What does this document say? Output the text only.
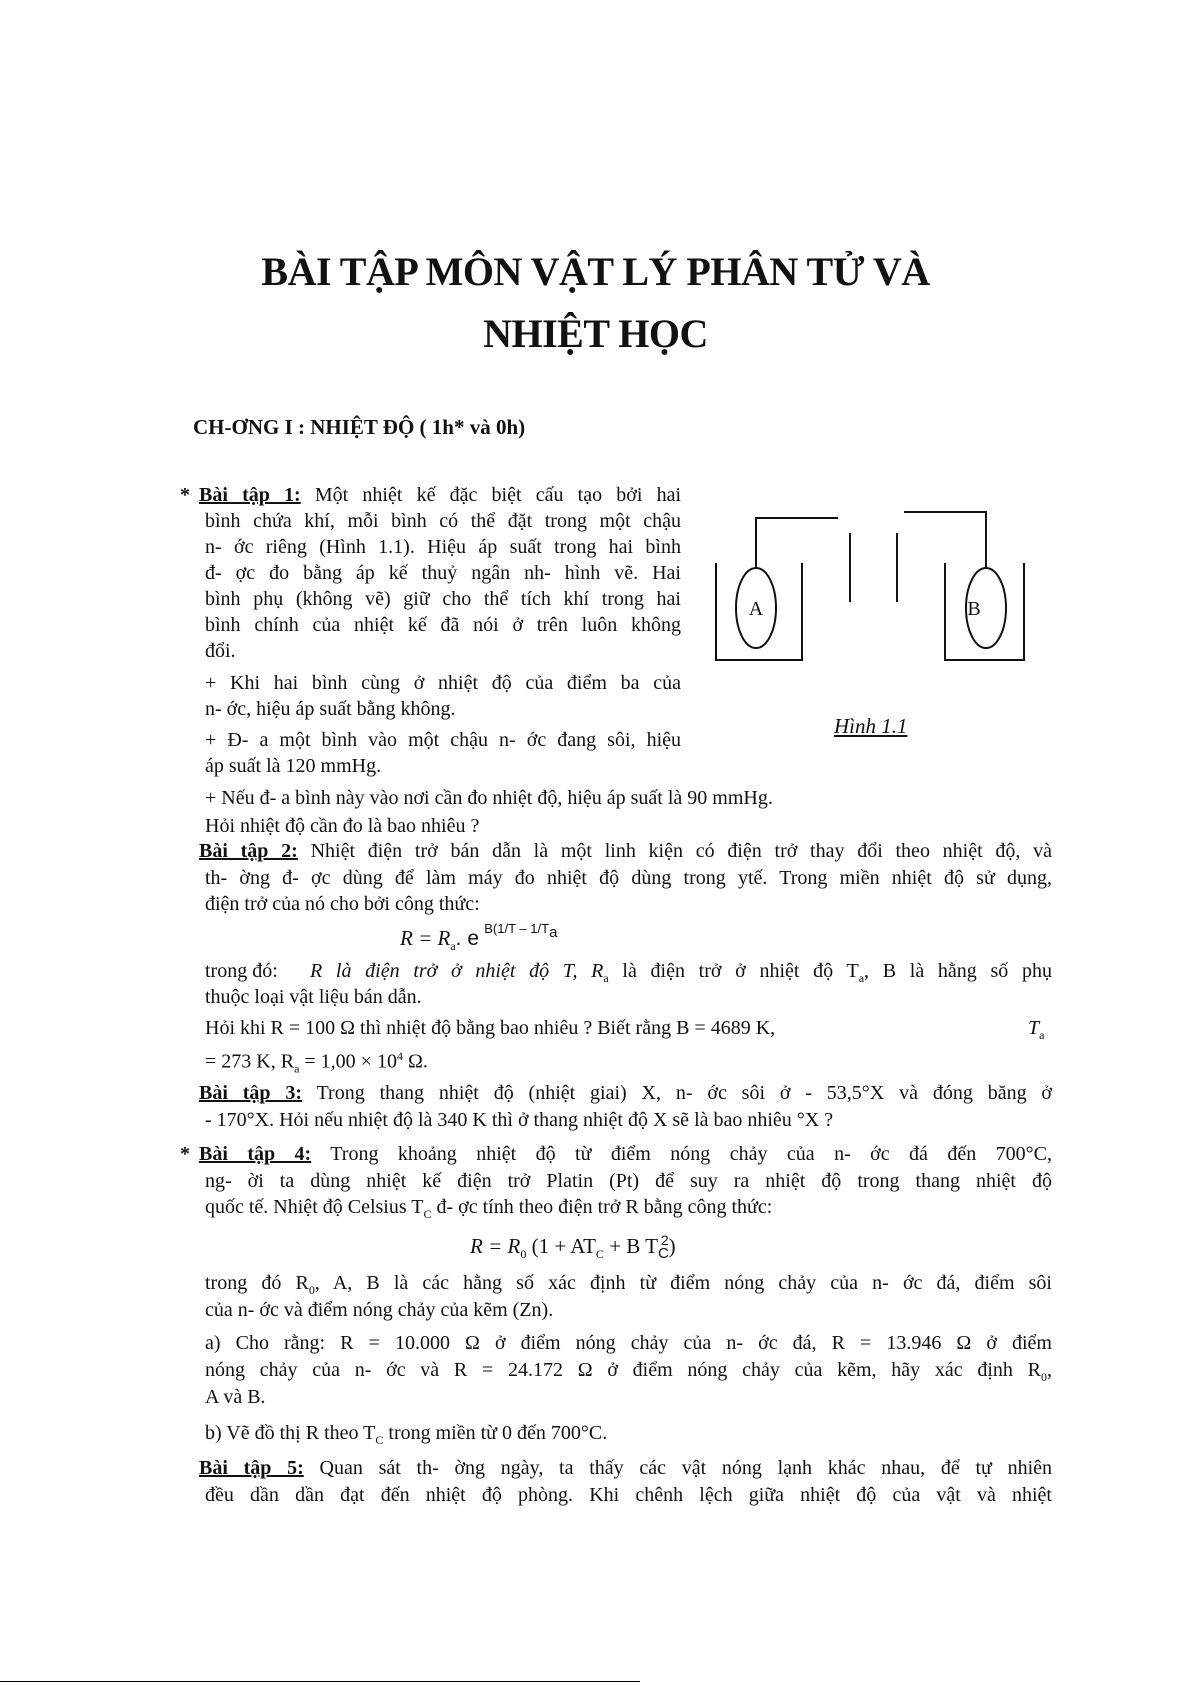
BÀI TẬP MÔN VẬT LÝ PHÂN TỬ VÀ
NHIỆT HỌC
CH-ƠNG I : NHIỆT ĐỘ ( 1h* và 0h)
* Bài tập 1: Một nhiệt kế đặc biệt cấu tạo bởi hai
bình chứa khí, mỗi bình có thể đặt trong một chậu
n- ớc riêng (Hình 1.1). Hiệu áp suất trong hai bình
đ- ợc đo bằng áp kế thuỷ ngân nh- hình vẽ. Hai
bình phụ (không vẽ) giữ cho thể tích khí trong hai
bình chính của nhiệt kế đã nói ở trên luôn không
đổi.
+ Khi hai bình cùng ở nhiệt độ của điểm ba của
n- ớc, hiệu áp suất bằng không.
+ Đ- a một bình vào một chậu n- ớc đang sôi, hiệu
áp suất là 120 mmHg.
+ Nếu đ- a bình này vào nơi cần đo nhiệt độ, hiệu áp suất là 90 mmHg.
Hỏi nhiệt độ cần đo là bao nhiêu ?
A	B
Hình 1.1
Bài tập 2: Nhiệt điện trở bán dẫn là một linh kiện có điện trở thay đổi theo nhiệt độ, và
th- ờng đ- ợc dùng để làm máy đo nhiệt độ dùng trong ytế. Trong miền nhiệt độ sử dụng,
điện trở của nó cho bởi công thức:
$R = R_a$. e $^{B(1/T - 1/Ta}$
trong đó: R là điện trở ở nhiệt độ T, $R_a$ là điện trở ở nhiệt độ $T_a$, B là hằng số phụ
thuộc loại vật liệu bán dẫn.
Hỏi khi R = 100 Ω thì nhiệt độ bằng bao nhiêu ? Biết rằng B = 4689 K,	$T_a$
= 273 K, $R_a = 1,00 \times 10^4$ Ω.
Bài tập 3: Trong thang nhiệt độ (nhiệt giai) X, n- ớc sôi ở - 53,5°X và đóng băng ở
- 170°X. Hỏi nếu nhiệt độ là 340 K thì ở thang nhiệt độ X sẽ là bao nhiêu °X ?
* Bài tập 4: Trong khoảng nhiệt độ từ điểm nóng chảy của n- ớc đá đến 700°C,
ng- ời ta dùng nhiệt kế điện trở Platin (Pt) để suy ra nhiệt độ trong thang nhiệt độ
quốc tế. Nhiệt độ Celsius $T_C$ đ- ợc tính theo điện trở R bằng công thức:
$R = R_0$ ($1 + AT_C + B$ $T_C^2$)
trong đó $R_0$, A, B là các hằng số xác định từ điểm nóng chảy của n- ớc đá, điểm sôi
của n- ớc và điểm nóng chảy của kẽm (Zn).
a) Cho rằng: R = 10.000 Ω ở điểm nóng chảy của n- ớc đá, R = 13.946 Ω ở điểm
nóng chảy của n- ớc và R = 24.172 Ω ở điểm nóng chảy của kẽm, hãy xác định $R_0$,
A và B.
b) Vẽ đồ thị R theo $T_C$ trong miền từ 0 đến 700°C.
Bài tập 5: Quan sát th- ờng ngày, ta thấy các vật nóng lạnh khác nhau, để tự nhiên
đều dần dần đạt đến nhiệt độ phòng. Khi chênh lệch giữa nhiệt độ của vật và nhiệt
